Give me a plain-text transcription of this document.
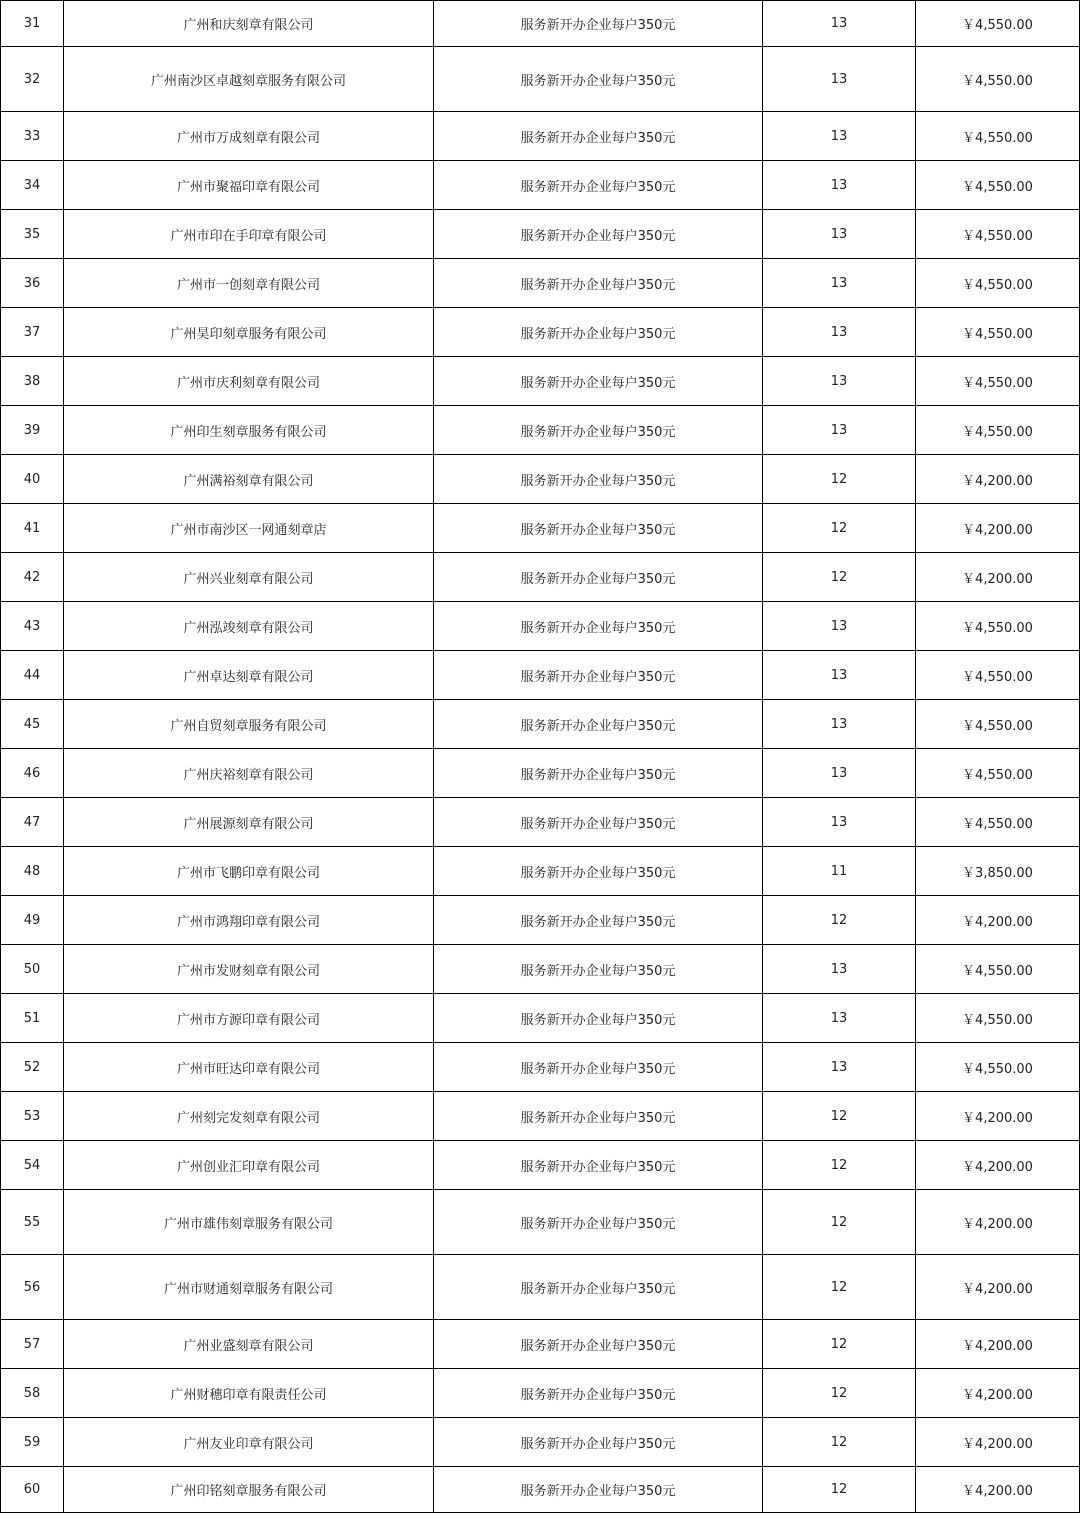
31	广州和庆刻章有限公司	服务新开办企业每户350元	13	￥4,550.00
32	广州南沙区卓越刻章服务有限公司	服务新开办企业每户350元	13	￥4,550.00
33	广州市万成刻章有限公司	服务新开办企业每户350元	13	￥4,550.00
34	广州市聚福印章有限公司	服务新开办企业每户350元	13	￥4,550.00
35	广州市印在手印章有限公司	服务新开办企业每户350元	13	￥4,550.00
36	广州市一创刻章有限公司	服务新开办企业每户350元	13	￥4,550.00
37	广州昊印刻章服务有限公司	服务新开办企业每户350元	13	￥4,550.00
38	广州市庆利刻章有限公司	服务新开办企业每户350元	13	￥4,550.00
39	广州印生刻章服务有限公司	服务新开办企业每户350元	13	￥4,550.00
40	广州满裕刻章有限公司	服务新开办企业每户350元	12	￥4,200.00
41	广州市南沙区一网通刻章店	服务新开办企业每户350元	12	￥4,200.00
42	广州兴业刻章有限公司	服务新开办企业每户350元	12	￥4,200.00
43	广州泓竣刻章有限公司	服务新开办企业每户350元	13	￥4,550.00
44	广州卓达刻章有限公司	服务新开办企业每户350元	13	￥4,550.00
45	广州自贸刻章服务有限公司	服务新开办企业每户350元	13	￥4,550.00
46	广州庆裕刻章有限公司	服务新开办企业每户350元	13	￥4,550.00
47	广州展源刻章有限公司	服务新开办企业每户350元	13	￥4,550.00
48	广州市飞鹏印章有限公司	服务新开办企业每户350元	11	￥3,850.00
49	广州市鸿翔印章有限公司	服务新开办企业每户350元	12	￥4,200.00
50	广州市发财刻章有限公司	服务新开办企业每户350元	13	￥4,550.00
51	广州市方源印章有限公司	服务新开办企业每户350元	13	￥4,550.00
52	广州市旺达印章有限公司	服务新开办企业每户350元	13	￥4,550.00
53	广州刻完发刻章有限公司	服务新开办企业每户350元	12	￥4,200.00
54	广州创业汇印章有限公司	服务新开办企业每户350元	12	￥4,200.00
55	广州市雄伟刻章服务有限公司	服务新开办企业每户350元	12	￥4,200.00
56	广州市财通刻章服务有限公司	服务新开办企业每户350元	12	￥4,200.00
57	广州业盛刻章有限公司	服务新开办企业每户350元	12	￥4,200.00
58	广州财穗印章有限责任公司	服务新开办企业每户350元	12	￥4,200.00
59	广州友业印章有限公司	服务新开办企业每户350元	12	￥4,200.00
60	广州印铭刻章服务有限公司	服务新开办企业每户350元	12	￥4,200.00
